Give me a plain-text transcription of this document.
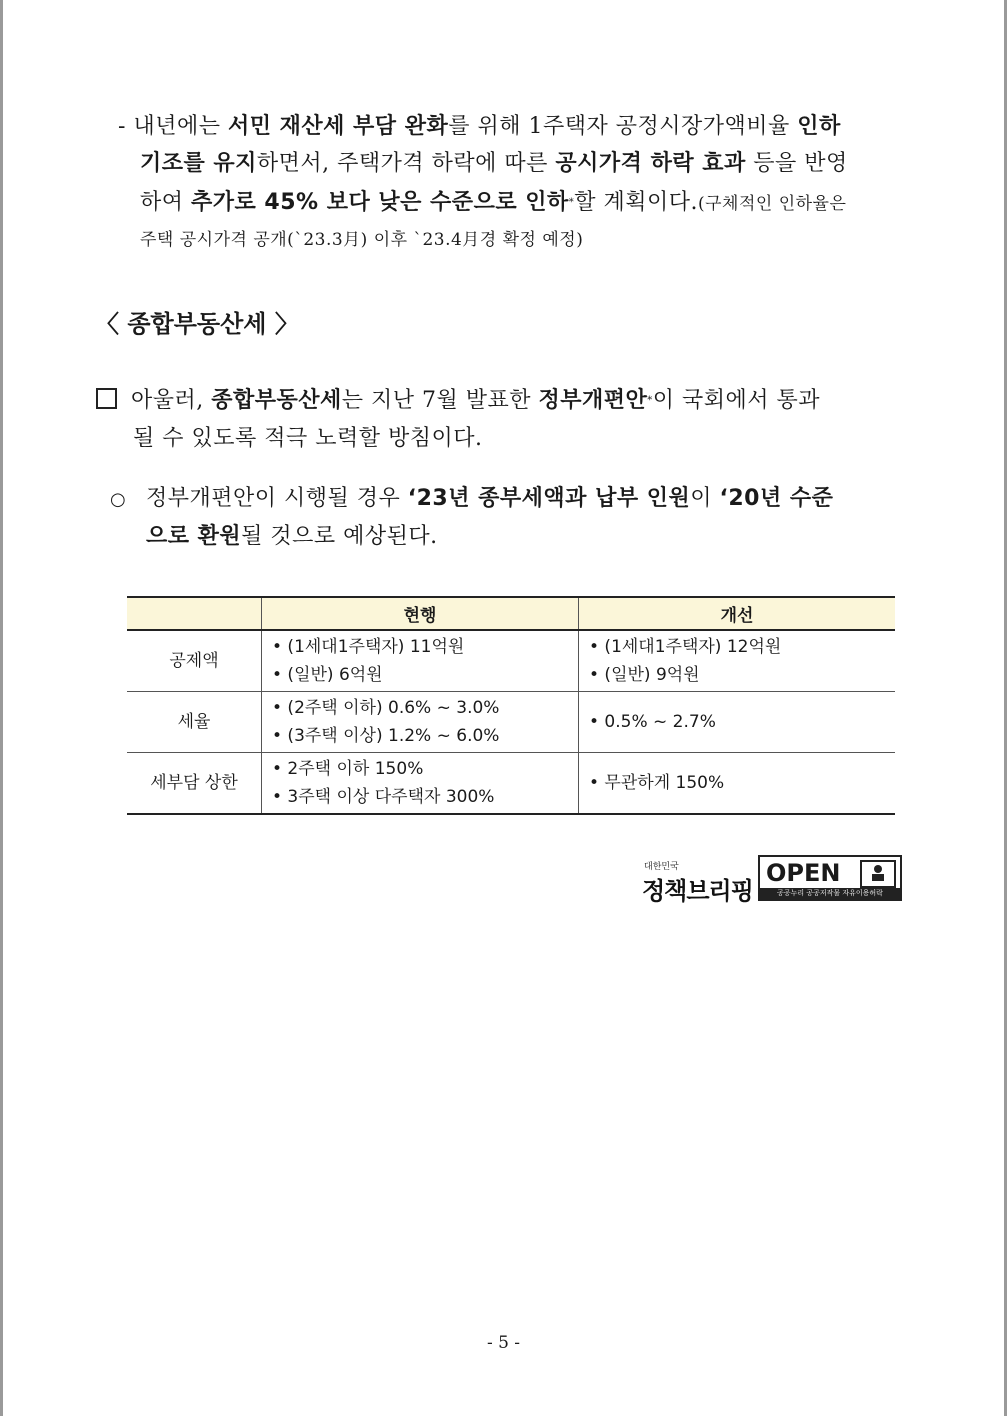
- 내년에는 서민 재산세 부담 완화를 위해 1주택자 공정시장가액비율 인하
기조를 유지하면서, 주택가격 하락에 따른 공시가격 하락 효과 등을 반영
하여 추가로 45% 보다 낮은 수준으로 인하*할 계획이다.(구체적인 인하율은
주택 공시가격 공개(`23.3月) 이후 `23.4月경 확정 예정)
〈 종합부동산세 〉
아울러, 종합부동산세는 지난 7월 발표한 정부개편안*이 국회에서 통과
될 수 있도록 적극 노력할 방침이다.
○ 정부개편안이 시행될 경우 ‘23년 종부세액과 납부 인원이 ‘20년 수준
으로 환원될 것으로 예상된다.
	현행	개선
공제액	• (1세대1주택자) 11억원
• (일반) 6억원	• (1세대1주택자) 12억원
• (일반) 9억원

세율	• (2주택 이하) 0.6% ~ 3.0%
• (3주택 이상) 1.2% ~ 6.0%	• 0.5% ~ 2.7%

세부담 상한	• 2주택 이하 150%
• 3주택 이상 다주택자 300%	• 무관하게 150%
대한민국
정책브리핑
OPEN
공공누리 공공저작물 자유이용허락
- 5 -
